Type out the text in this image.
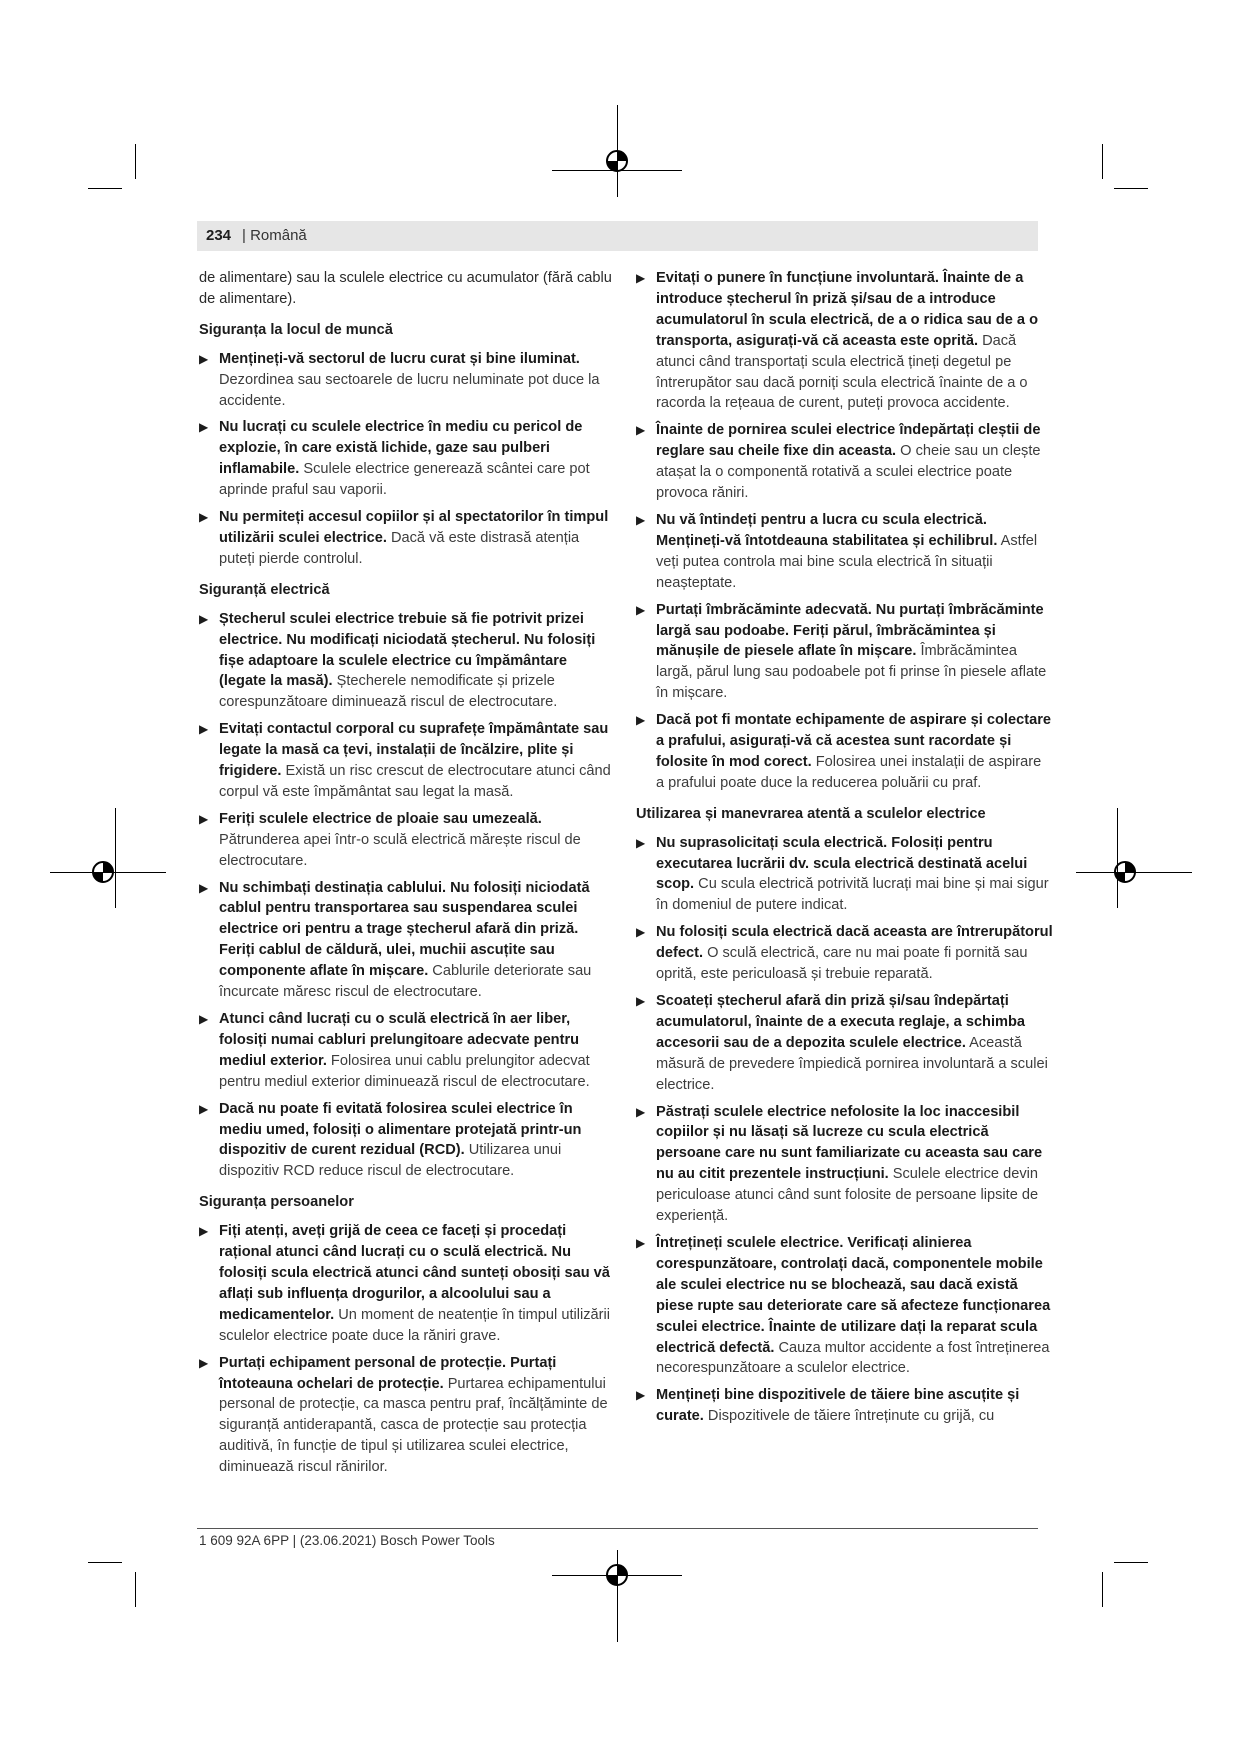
234 | Română

de alimentare) sau la sculele electrice cu acumulator (fără cablu de alimentare).

Siguranța la locul de muncă
▶ Mențineți-vă sectorul de lucru curat și bine iluminat. Dezordinea sau sectoarele de lucru neluminate pot duce la accidente.
▶ Nu lucrați cu sculele electrice în mediu cu pericol de explozie, în care există lichide, gaze sau pulberi inflamabile. Sculele electrice generează scântei care pot aprinde praful sau vaporii.
▶ Nu permiteți accesul copiilor și al spectatorilor în timpul utilizării sculei electrice. Dacă vă este distrasă atenția puteți pierde controlul.
Siguranță electrică
▶ Ștecherul sculei electrice trebuie să fie potrivit prizei electrice. Nu modificați niciodată ștecherul. Nu folosiți fișe adaptoare la sculele electrice cu împământare (legate la masă). Ștecherele nemodificate și prizele corespunzătoare diminuează riscul de electrocutare.
▶ Evitați contactul corporal cu suprafețe împământate sau legate la masă ca țevi, instalații de încălzire, plite și frigidere. Există un risc crescut de electrocutare atunci când corpul vă este împământat sau legat la masă.
▶ Feriți sculele electrice de ploaie sau umezeală. Pătrunderea apei într-o sculă electrică mărește riscul de electrocutare.
▶ Nu schimbați destinația cablului. Nu folosiți niciodată cablul pentru transportarea sau suspendarea sculei electrice ori pentru a trage ștecherul afară din priză. Feriți cablul de căldură, ulei, muchii ascuțite sau componente aflate în mișcare. Cablurile deteriorate sau încurcate măresc riscul de electrocutare.
▶ Atunci când lucrați cu o sculă electrică în aer liber, folosiți numai cabluri prelungitoare adecvate pentru mediul exterior. Folosirea unui cablu prelungitor adecvat pentru mediul exterior diminuează riscul de electrocutare.
▶ Dacă nu poate fi evitată folosirea sculei electrice în mediu umed, folosiți o alimentare protejată printr-un dispozitiv de curent rezidual (RCD). Utilizarea unui dispozitiv RCD reduce riscul de electrocutare.
Siguranța persoanelor
▶ Fiți atenți, aveți grijă de ceea ce faceți și procedați rațional atunci când lucrați cu o sculă electrică. Nu folosiți scula electrică atunci când sunteți obosiți sau vă aflați sub influența drogurilor, a alcoolului sau a medicamentelor. Un moment de neatenție în timpul utilizării sculelor electrice poate duce la răniri grave.
▶ Purtați echipament personal de protecție. Purtați întoteauna ochelari de protecție. Purtarea echipamentului personal de protecție, ca masca pentru praf, încălțăminte de siguranță antiderapantă, casca de protecție sau protecția auditivă, în funcție de tipul și utilizarea sculei electrice, diminuează riscul rănirilor.
▶ Evitați o punere în funcțiune involuntară. Înainte de a introduce ștecherul în priză și/sau de a introduce acumulatorul în scula electrică, de a o ridica sau de a o transporta, asigurați-vă că aceasta este oprită. Dacă atunci când transportați scula electrică țineți degetul pe întrerupător sau dacă porniți scula electrică înainte de a o racorda la rețeaua de curent, puteți provoca accidente.
▶ Înainte de pornirea sculei electrice îndepărtați cleștii de reglare sau cheile fixe din aceasta. O cheie sau un clește atașat la o componentă rotativă a sculei electrice poate provoca răniri.
▶ Nu vă întindeți pentru a lucra cu scula electrică. Mențineți-vă întotdeauna stabilitatea și echilibrul. Astfel veți putea controla mai bine scula electrică în situații neașteptate.
▶ Purtați îmbrăcăminte adecvată. Nu purtați îmbrăcăminte largă sau podoabe. Feriți părul, îmbrăcămintea și mănușile de piesele aflate în mișcare. Îmbrăcămintea largă, părul lung sau podoabele pot fi prinse în piesele aflate în mișcare.
▶ Dacă pot fi montate echipamente de aspirare și colectare a prafului, asigurați-vă că acestea sunt racordate și folosite în mod corect. Folosirea unei instalații de aspirare a prafului poate duce la reducerea poluării cu praf.
Utilizarea și manevrarea atentă a sculelor electrice
▶ Nu suprasolicitați scula electrică. Folosiți pentru executarea lucrării dv. scula electrică destinată acelui scop. Cu scula electrică potrivită lucrați mai bine și mai sigur în domeniul de putere indicat.
▶ Nu folosiți scula electrică dacă aceasta are întrerupătorul defect. O sculă electrică, care nu mai poate fi pornită sau oprită, este periculoasă și trebuie reparată.
▶ Scoateți ștecherul afară din priză și/sau îndepărtați acumulatorul, înainte de a executa reglaje, a schimba accesorii sau de a depozita sculele electrice. Această măsură de prevedere împiedică pornirea involuntară a sculei electrice.
▶ Păstrați sculele electrice nefolosite la loc inaccesibil copiilor și nu lăsați să lucreze cu scula electrică persoane care nu sunt familiarizate cu aceasta sau care nu au citit prezentele instrucțiuni. Sculele electrice devin periculoase atunci când sunt folosite de persoane lipsite de experiență.
▶ Întrețineți sculele electrice. Verificați alinierea corespunzătoare, controlați dacă, componentele mobile ale sculei electrice nu se blochează, sau dacă există piese rupte sau deteriorate care să afecteze funcționarea sculei electrice. Înainte de utilizare dați la reparat scula electrică defectă. Cauza multor accidente a fost întreținerea necorespunzătoare a sculelor electrice.
▶ Mențineți bine dispozitivele de tăiere bine ascuțite și curate. Dispozitivele de tăiere întreținute cu grijă, cu
1 609 92A 6PP | (23.06.2021) Bosch Power Tools
